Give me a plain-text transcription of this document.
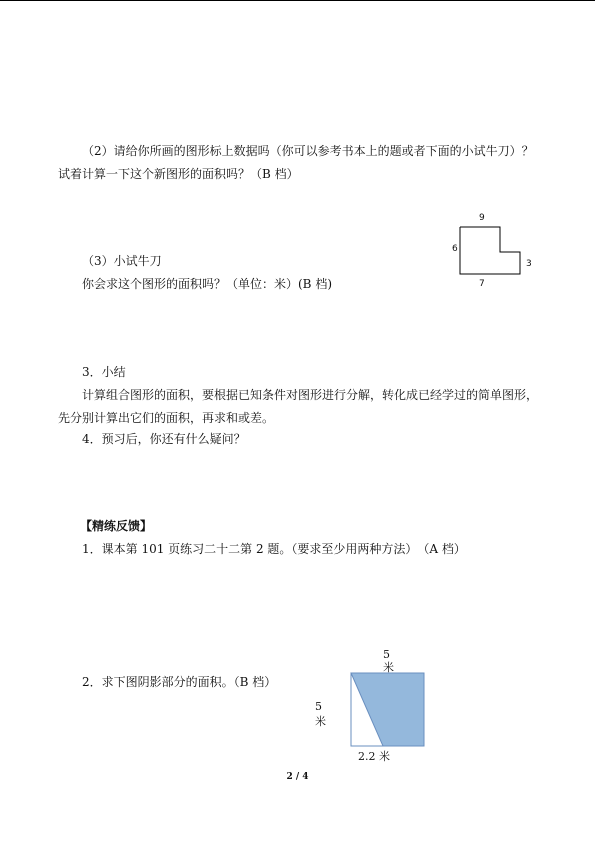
（2）请给你所画的图形标上数据吗（你可以参考书本上的题或者下面的小试牛刀）？
试着计算一下这个新图形的面积吗？（B 档）
（3）小试牛刀
你会求这个图形的面积吗？（单位：米）(B 档)
9
6
3
7
3．小结
计算组合图形的面积，要根据已知条件对图形进行分解，转化成已经学过的简单图形，
先分别计算出它们的面积，再求和或差。
4．预习后，你还有什么疑问？
【精练反馈】
1．课本第 101 页练习二十二第 2 题。（要求至少用两种方法）　（A 档）
2．求下图阴影部分的面积。（B 档）
5
米
5
米
2.2 米
2 / 4
